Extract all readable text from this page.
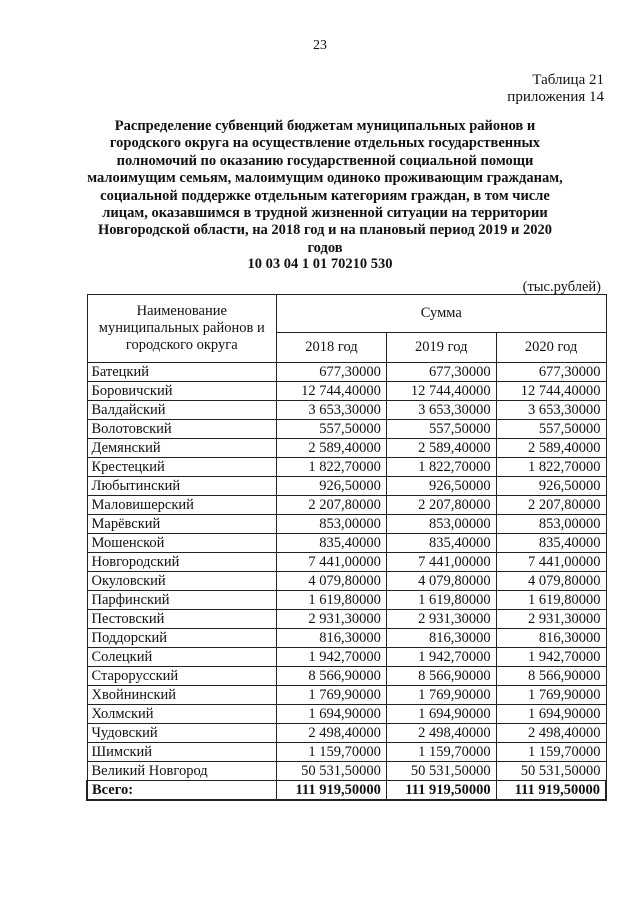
23
Таблица 21
приложения 14
Распределение субвенций бюджетам муниципальных районов и городского округа на осуществление отдельных государственных полномочий по оказанию государственной социальной помощи малоимущим семьям, малоимущим одиноко проживающим гражданам, социальной поддержке отдельным категориям граждан, в том числе лицам, оказавшимся в трудной жизненной ситуации на территории Новгородской области, на 2018 год и на плановый период 2019 и 2020 годов
10 03 04 1 01 70210 530
(тыс.рублей)
Наименование муниципальных районов и городского округа	Сумма		
	2018 год	2019 год	2020 год
Батецкий	677,30000	677,30000	677,30000
Боровичский	12 744,40000	12 744,40000	12 744,40000
Валдайский	3 653,30000	3 653,30000	3 653,30000
Волотовский	557,50000	557,50000	557,50000
Демянский	2 589,40000	2 589,40000	2 589,40000
Крестецкий	1 822,70000	1 822,70000	1 822,70000
Любытинский	926,50000	926,50000	926,50000
Маловишерский	2 207,80000	2 207,80000	2 207,80000
Марёвский	853,00000	853,00000	853,00000
Мошенской	835,40000	835,40000	835,40000
Новгородский	7 441,00000	7 441,00000	7 441,00000
Окуловский	4 079,80000	4 079,80000	4 079,80000
Парфинский	1 619,80000	1 619,80000	1 619,80000
Пестовский	2 931,30000	2 931,30000	2 931,30000
Поддорский	816,30000	816,30000	816,30000
Солецкий	1 942,70000	1 942,70000	1 942,70000
Старорусский	8 566,90000	8 566,90000	8 566,90000
Хвойнинский	1 769,90000	1 769,90000	1 769,90000
Холмский	1 694,90000	1 694,90000	1 694,90000
Чудовский	2 498,40000	2 498,40000	2 498,40000
Шимский	1 159,70000	1 159,70000	1 159,70000
Великий Новгород	50 531,50000	50 531,50000	50 531,50000
Всего:	111 919,50000	111 919,50000	111 919,50000
